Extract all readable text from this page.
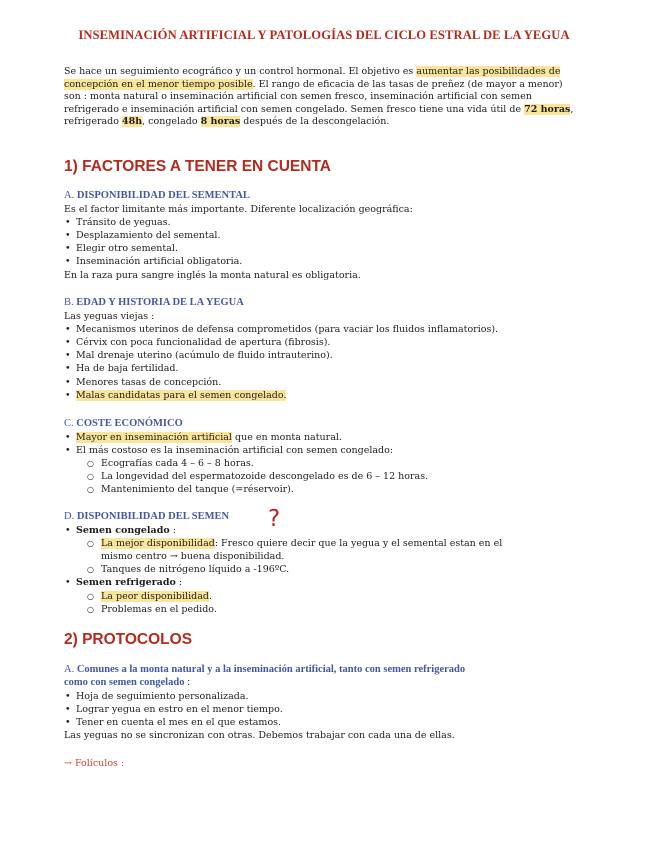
INSEMINACIÓN ARTIFICIAL Y PATOLOGÍAS DEL CICLO ESTRAL DE LA YEGUA
Se hace un seguimiento ecográfico y un control hormonal. El objetivo es aumentar las posibilidades de concepción en el menor tiempo posible. El rango de eficacia de las tasas de preñez (de mayor a menor) son : monta natural o inseminación artificial con semen fresco, inseminación artificial con semen refrigerado e inseminación artificial con semen congelado. Semen fresco tiene una vida útil de 72 horas, refrigerado 48h, congelado 8 horas después de la descongelación.
1) FACTORES A TENER EN CUENTA
A. DISPONIBILIDAD DEL SEMENTAL
Es el factor limitante más importante. Diferente localización geográfica:
• Tránsito de yeguas.
• Desplazamiento del semental.
• Elegir otro semental.
• Inseminación artificial obligatoria.
En la raza pura sangre inglés la monta natural es obligatoria.
B. EDAD Y HISTORIA DE LA YEGUA
Las yeguas viejas :
• Mecanismos uterinos de defensa comprometidos (para vaciar los fluidos inflamatorios).
• Cérvix con poca funcionalidad de apertura (fibrosis).
• Mal drenaje uterino (acúmulo de fluido intrauterino).
• Ha de baja fertilidad.
• Menores tasas de concepción.
• Malas candidatas para el semen congelado.
C. COSTE ECONÓMICO
• Mayor en inseminación artificial que en monta natural.
• El más costoso es la inseminación artificial con semen congelado:
○ Ecografías cada 4 – 6 – 8 horas.
○ La longevidad del espermatozoide descongelado es de 6 – 12 horas.
○ Mantenimiento del tanque (=réservoir).
D. DISPONIBILIDAD DEL SEMEN
• Semen congelado :
○ La mejor disponibilidad: Fresco quiere decir que la yegua y el semental estan en el
mismo centro → buena disponibilidad.
○ Tanques de nitrógeno líquido a -196ºC.
• Semen refrigerado :
○ La peor disponibilidad.
○ Problemas en el pedido.
?
2) PROTOCOLOS
A. Comunes a la monta natural y a la inseminación artificial, tanto con semen refrigerado
como con semen congelado :
• Hoja de seguimiento personalizada.
• Lograr yegua en estro en el menor tiempo.
• Tener en cuenta el mes en el que estamos.
Las yeguas no se sincronizan con otras. Debemos trabajar con cada una de ellas.
→ Folículos :
